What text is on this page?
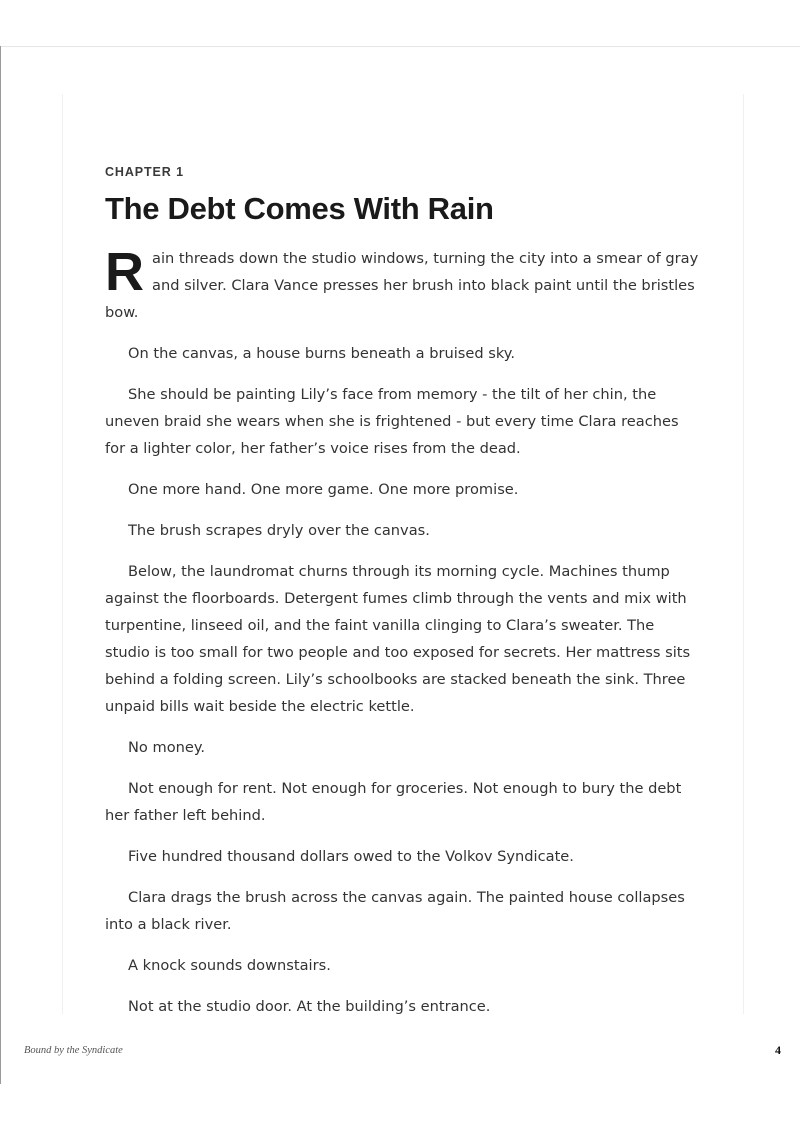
CHAPTER 1
The Debt Comes With Rain

Rain threads down the studio windows, turning the city into a smear of gray and silver. Clara Vance presses her brush into black paint until the bristles bow.

On the canvas, a house burns beneath a bruised sky.

She should be painting Lily’s face from memory - the tilt of her chin, the uneven braid she wears when she is frightened - but every time Clara reaches for a lighter color, her father’s voice rises from the dead.

One more hand. One more game. One more promise.

The brush scrapes dryly over the canvas.

Below, the laundromat churns through its morning cycle. Machines thump against the floorboards. Detergent fumes climb through the vents and mix with turpentine, linseed oil, and the faint vanilla clinging to Clara’s sweater. The studio is too small for two people and too exposed for secrets. Her mattress sits behind a folding screen. Lily’s schoolbooks are stacked beneath the sink. Three unpaid bills wait beside the electric kettle.

No money.

Not enough for rent. Not enough for groceries. Not enough to bury the debt her father left behind.

Five hundred thousand dollars owed to the Volkov Syndicate.

Clara drags the brush across the canvas again. The painted house collapses into a black river.

A knock sounds downstairs.

Not at the studio door. At the building’s entrance.

Bound by the Syndicate	4
